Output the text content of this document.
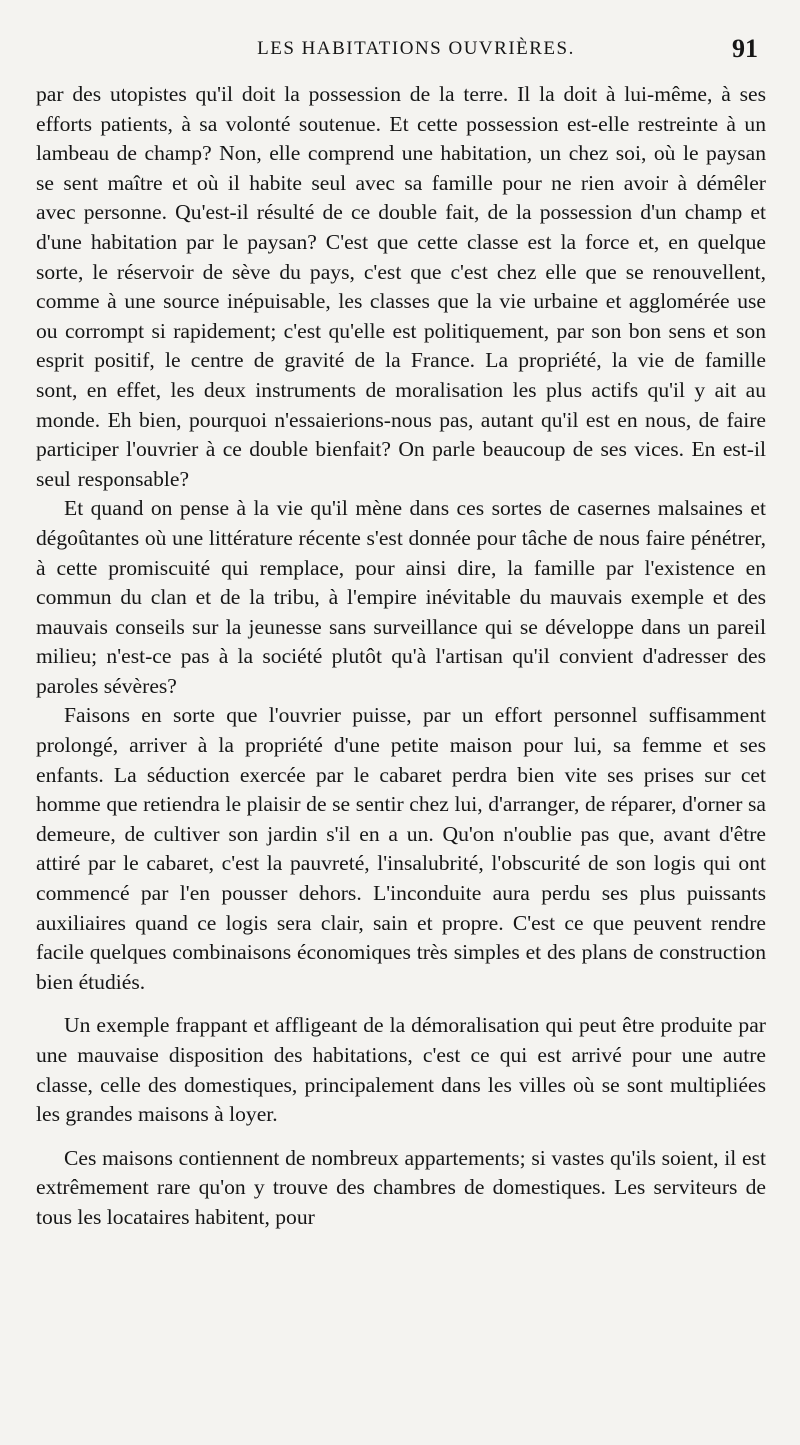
LES HABITATIONS OUVRIÈRES.	91

par des utopistes qu'il doit la possession de la terre. Il la doit à lui-même, à ses efforts patients, à sa volonté soutenue. Et cette possession est-elle restreinte à un lambeau de champ? Non, elle comprend une habitation, un chez soi, où le paysan se sent maître et où il habite seul avec sa famille pour ne rien avoir à démêler avec personne. Qu'est-il résulté de ce double fait, de la possession d'un champ et d'une habitation par le paysan? C'est que cette classe est la force et, en quelque sorte, le réservoir de sève du pays, c'est que c'est chez elle que se renouvellent, comme à une source inépuisable, les classes que la vie urbaine et agglomérée use ou corrompt si rapidement; c'est qu'elle est politiquement, par son bon sens et son esprit positif, le centre de gravité de la France. La propriété, la vie de famille sont, en effet, les deux instruments de moralisation les plus actifs qu'il y ait au monde. Eh bien, pourquoi n'essaierions-nous pas, autant qu'il est en nous, de faire participer l'ouvrier à ce double bienfait? On parle beaucoup de ses vices. En est-il seul responsable?

Et quand on pense à la vie qu'il mène dans ces sortes de casernes malsaines et dégoûtantes où une littérature récente s'est donnée pour tâche de nous faire pénétrer, à cette promiscuité qui remplace, pour ainsi dire, la famille par l'existence en commun du clan et de la tribu, à l'empire inévitable du mauvais exemple et des mauvais conseils sur la jeunesse sans surveillance qui se développe dans un pareil milieu; n'est-ce pas à la société plutôt qu'à l'artisan qu'il convient d'adresser des paroles sévères?

Faisons en sorte que l'ouvrier puisse, par un effort personnel suffisamment prolongé, arriver à la propriété d'une petite maison pour lui, sa femme et ses enfants. La séduction exercée par le cabaret perdra bien vite ses prises sur cet homme que retiendra le plaisir de se sentir chez lui, d'arranger, de réparer, d'orner sa demeure, de cultiver son jardin s'il en a un. Qu'on n'oublie pas que, avant d'être attiré par le cabaret, c'est la pauvreté, l'insalubrité, l'obscurité de son logis qui ont commencé par l'en pousser dehors. L'inconduite aura perdu ses plus puissants auxiliaires quand ce logis sera clair, sain et propre. C'est ce que peuvent rendre facile quelques combinaisons économiques très simples et des plans de construction bien étudiés.

Un exemple frappant et affligeant de la démoralisation qui peut être produite par une mauvaise disposition des habitations, c'est ce qui est arrivé pour une autre classe, celle des domestiques, principalement dans les villes où se sont multipliées les grandes maisons à loyer.

Ces maisons contiennent de nombreux appartements; si vastes qu'ils soient, il est extrêmement rare qu'on y trouve des chambres de domestiques. Les serviteurs de tous les locataires habitent, pour
